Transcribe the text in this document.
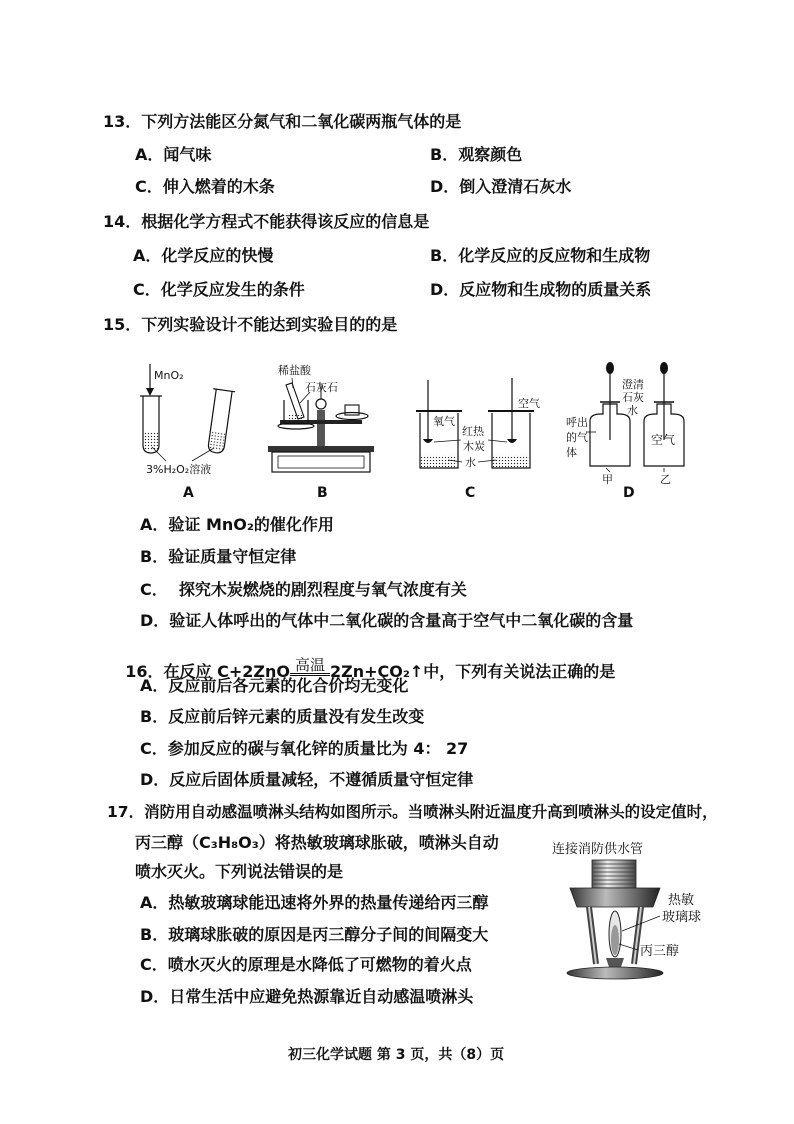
13．下列方法能区分氮气和二氧化碳两瓶气体的是
A．闻气味	B．观察颜色
C．伸入燃着的木条	D．倒入澄清石灰水
14．根据化学方程式不能获得该反应的信息是
A．化学反应的快慢	B．化学反应的反应物和生成物
C．化学反应发生的条件	D．反应物和生成物的质量关系
15．下列实验设计不能达到实验目的的是
MnO₂
3%H₂O₂溶液
A
稀盐酸
石灰石
B
氧气
空气
红热
木炭
水
C
澄清
石灰
水
呼出
的气
体
空气
甲	乙
D
A．验证 MnO₂的催化作用
B．验证质量守恒定律
C．  探究木炭燃烧的剧烈程度与氧气浓度有关
D．验证人体呼出的气体中二氧化碳的含量高于空气中二氧化碳的含量

16．在反应 C+2ZnO 高温 2Zn+CO₂↑中，下列有关说法正确的是

A．反应前后各元素的化合价均无变化
B．反应前后锌元素的质量没有发生改变
C．参加反应的碳与氧化锌的质量比为 4： 27
D．反应后固体质量减轻，不遵循质量守恒定律
17．消防用自动感温喷淋头结构如图所示。当喷淋头附近温度升高到喷淋头的设定值时，
丙三醇（C₃H₈O₃）将热敏玻璃球胀破，喷淋头自动
喷水灭火。下列说法错误的是
连接消防供水管
热敏
玻璃球
丙三醇
A．热敏玻璃球能迅速将外界的热量传递给丙三醇
B．玻璃球胀破的原因是丙三醇分子间的间隔变大
C．喷水灭火的原理是水降低了可燃物的着火点
D．日常生活中应避免热源靠近自动感温喷淋头
初三化学试题 第 3 页，共（8）页
